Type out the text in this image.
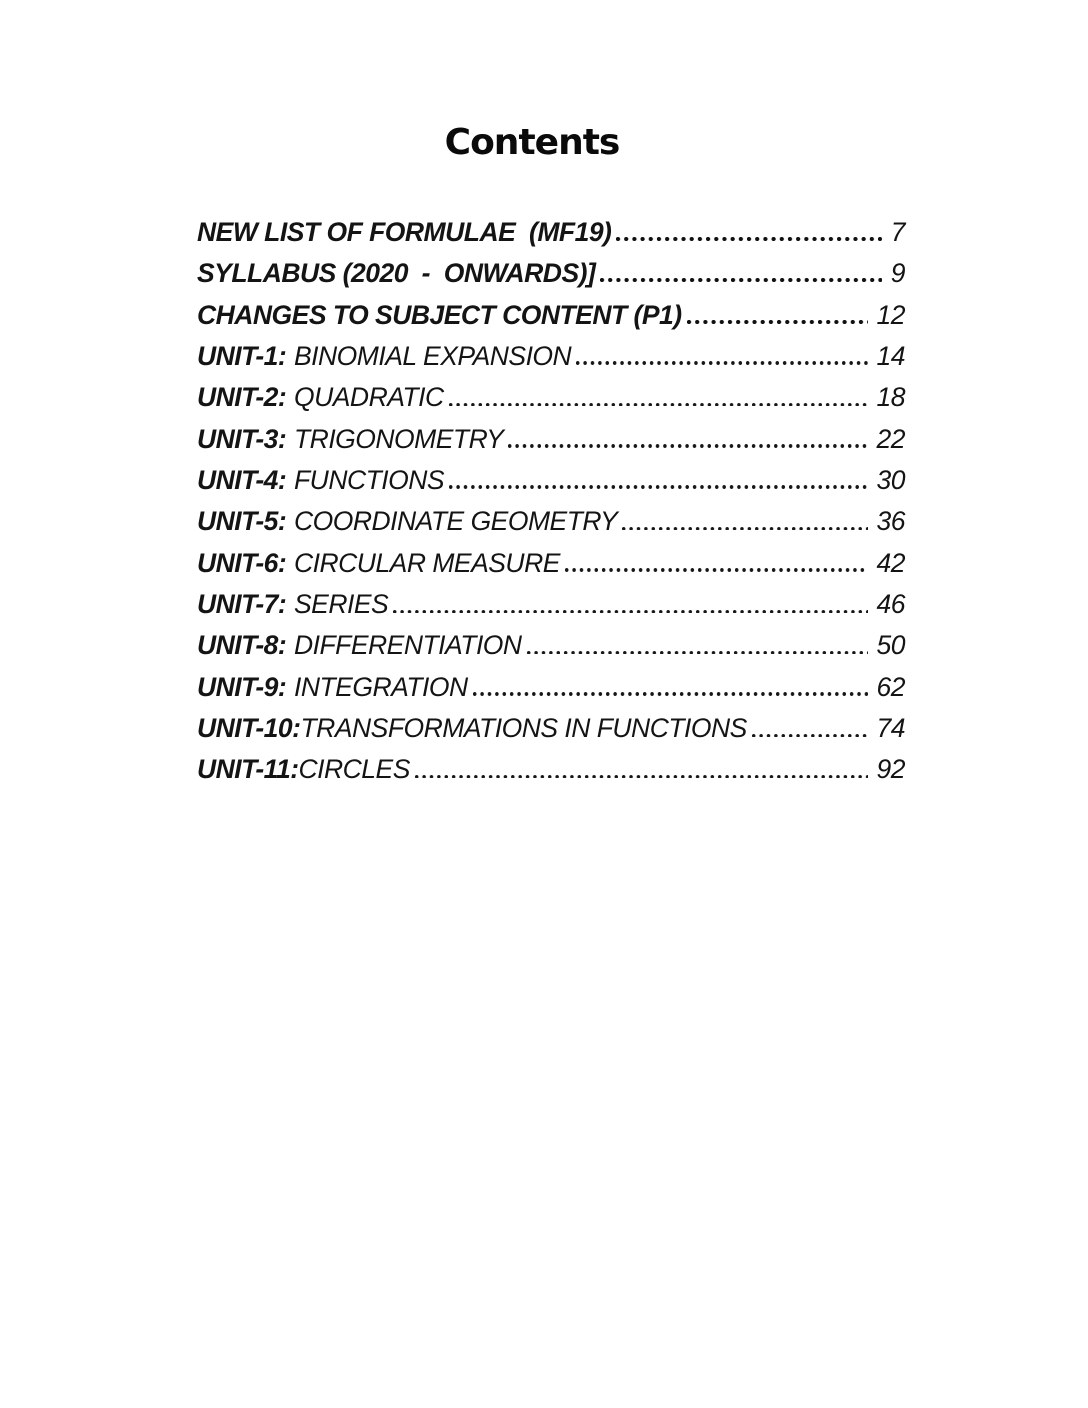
Contents
NEW LIST OF FORMULAE  (MF19)	7
SYLLABUS (2020  -  ONWARDS)]	9
CHANGES TO SUBJECT CONTENT (P1)	12
UNIT-1: BINOMIAL EXPANSION	14
UNIT-2: QUADRATIC	18
UNIT-3: TRIGONOMETRY	22
UNIT-4: FUNCTIONS	30
UNIT-5: COORDINATE GEOMETRY	36
UNIT-6: CIRCULAR MEASURE	42
UNIT-7: SERIES	46
UNIT-8: DIFFERENTIATION	50
UNIT-9: INTEGRATION	62
UNIT-10: TRANSFORMATIONS IN FUNCTIONS	74
UNIT-11: CIRCLES	92
